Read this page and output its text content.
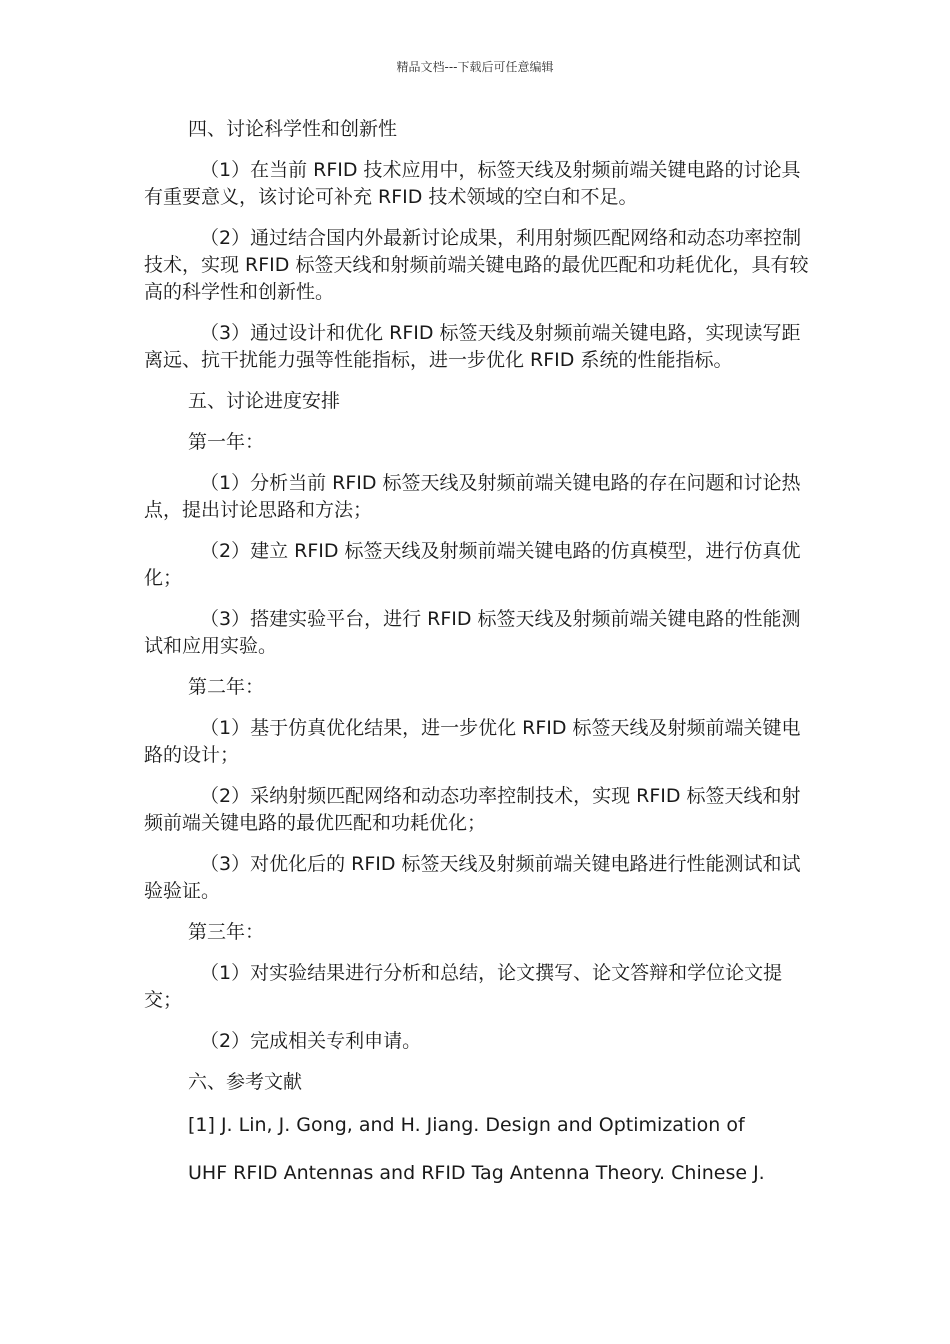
精品文档---下载后可任意编辑

四、讨论科学性和创新性

（1）在当前 RFID 技术应用中，标签天线及射频前端关键电路的讨论具有重要意义，该讨论可补充 RFID 技术领域的空白和不足。

（2）通过结合国内外最新讨论成果，利用射频匹配网络和动态功率控制技术，实现 RFID 标签天线和射频前端关键电路的最优匹配和功耗优化，具有较高的科学性和创新性。

（3）通过设计和优化 RFID 标签天线及射频前端关键电路，实现读写距离远、抗干扰能力强等性能指标，进一步优化 RFID 系统的性能指标。

五、讨论进度安排

第一年：

（1）分析当前 RFID 标签天线及射频前端关键电路的存在问题和讨论热点，提出讨论思路和方法；

（2）建立 RFID 标签天线及射频前端关键电路的仿真模型，进行仿真优化；

（3）搭建实验平台，进行 RFID 标签天线及射频前端关键电路的性能测试和应用实验。

第二年：

（1）基于仿真优化结果，进一步优化 RFID 标签天线及射频前端关键电路的设计；

（2）采纳射频匹配网络和动态功率控制技术，实现 RFID 标签天线和射频前端关键电路的最优匹配和功耗优化；

（3）对优化后的 RFID 标签天线及射频前端关键电路进行性能测试和试验验证。

第三年：

（1）对实验结果进行分析和总结，论文撰写、论文答辩和学位论文提交；

（2）完成相关专利申请。

六、参考文献

[1] J. Lin, J. Gong, and H. Jiang. Design and Optimization of

UHF RFID Antennas and RFID Tag Antenna Theory. Chinese J.
